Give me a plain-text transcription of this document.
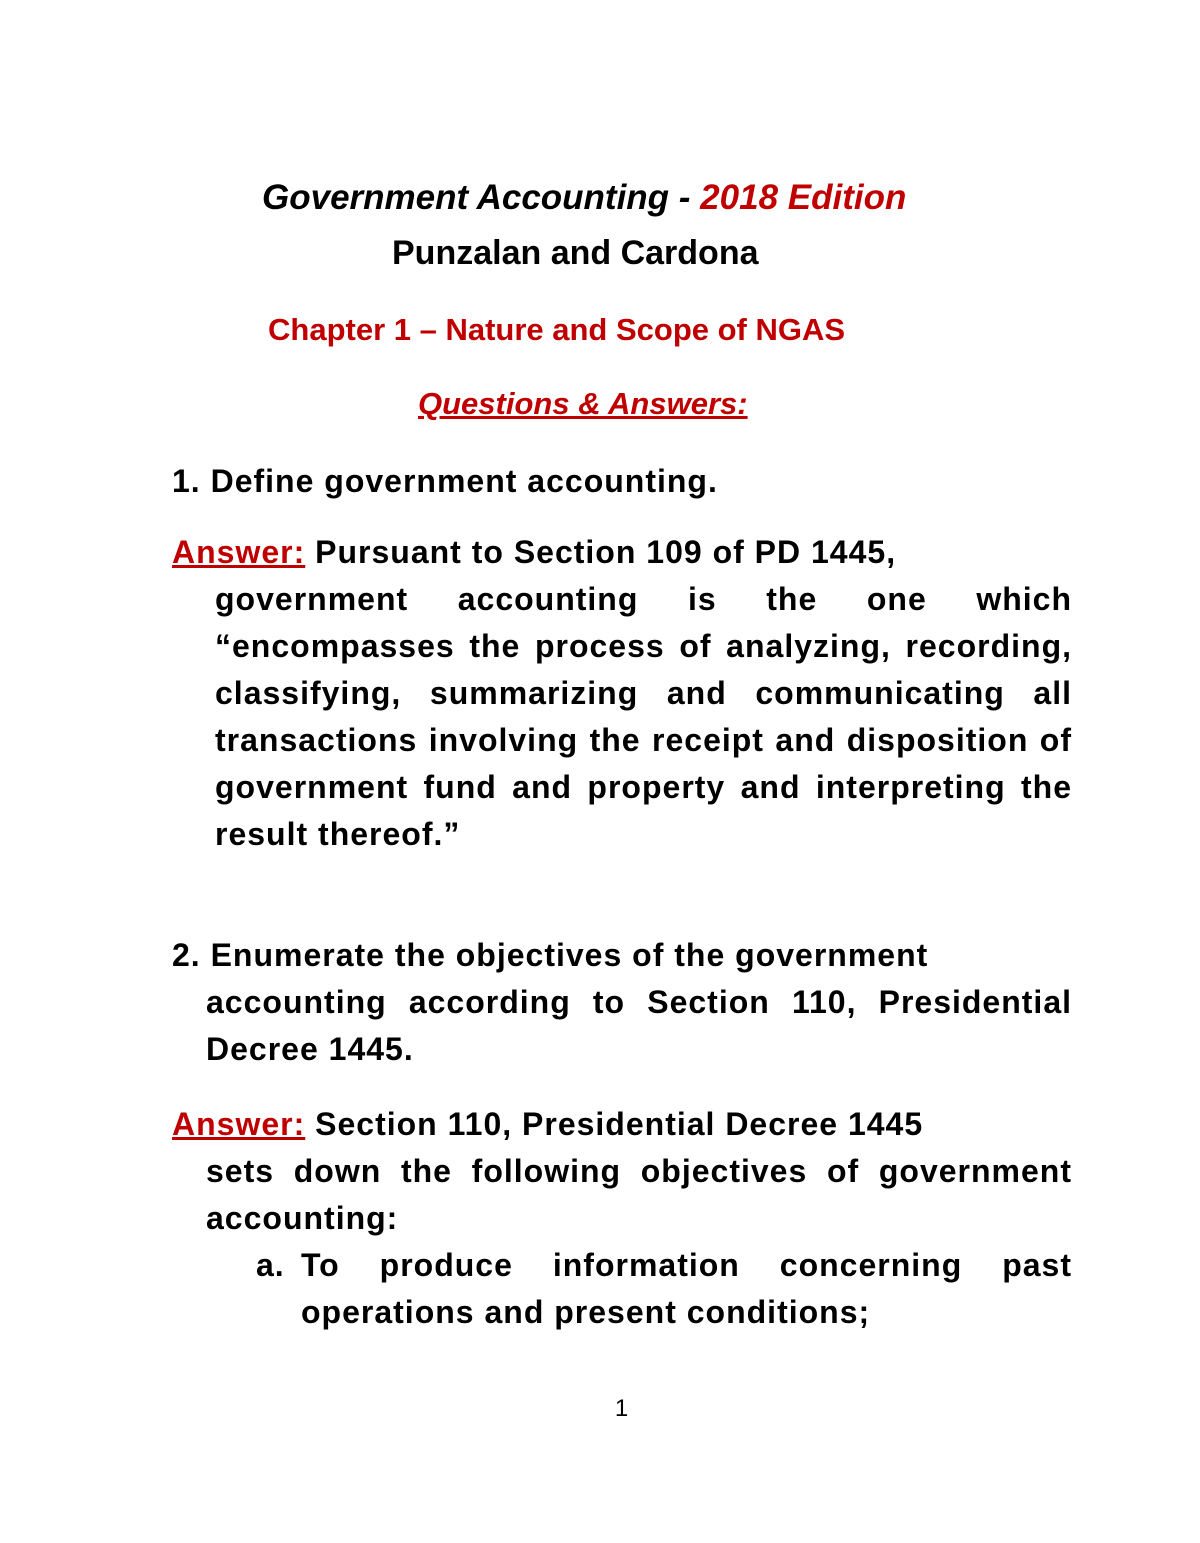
Government Accounting - 2018 Edition
Punzalan and Cardona
Chapter 1 – Nature and Scope of NGAS
Questions & Answers:
1. Define government accounting.
Answer: Pursuant to Section 109 of PD 1445,
government accounting is the one which “encompasses the process of analyzing, recording, classifying, summarizing and communicating all transactions involving the receipt and disposition of government fund and property and interpreting the result thereof.”
2. Enumerate the objectives of the government
accounting according to Section 110, Presidential Decree 1445.
Answer: Section 110, Presidential Decree 1445
sets down the following objectives of government accounting:
a. To produce information concerning past operations and present conditions;
1
